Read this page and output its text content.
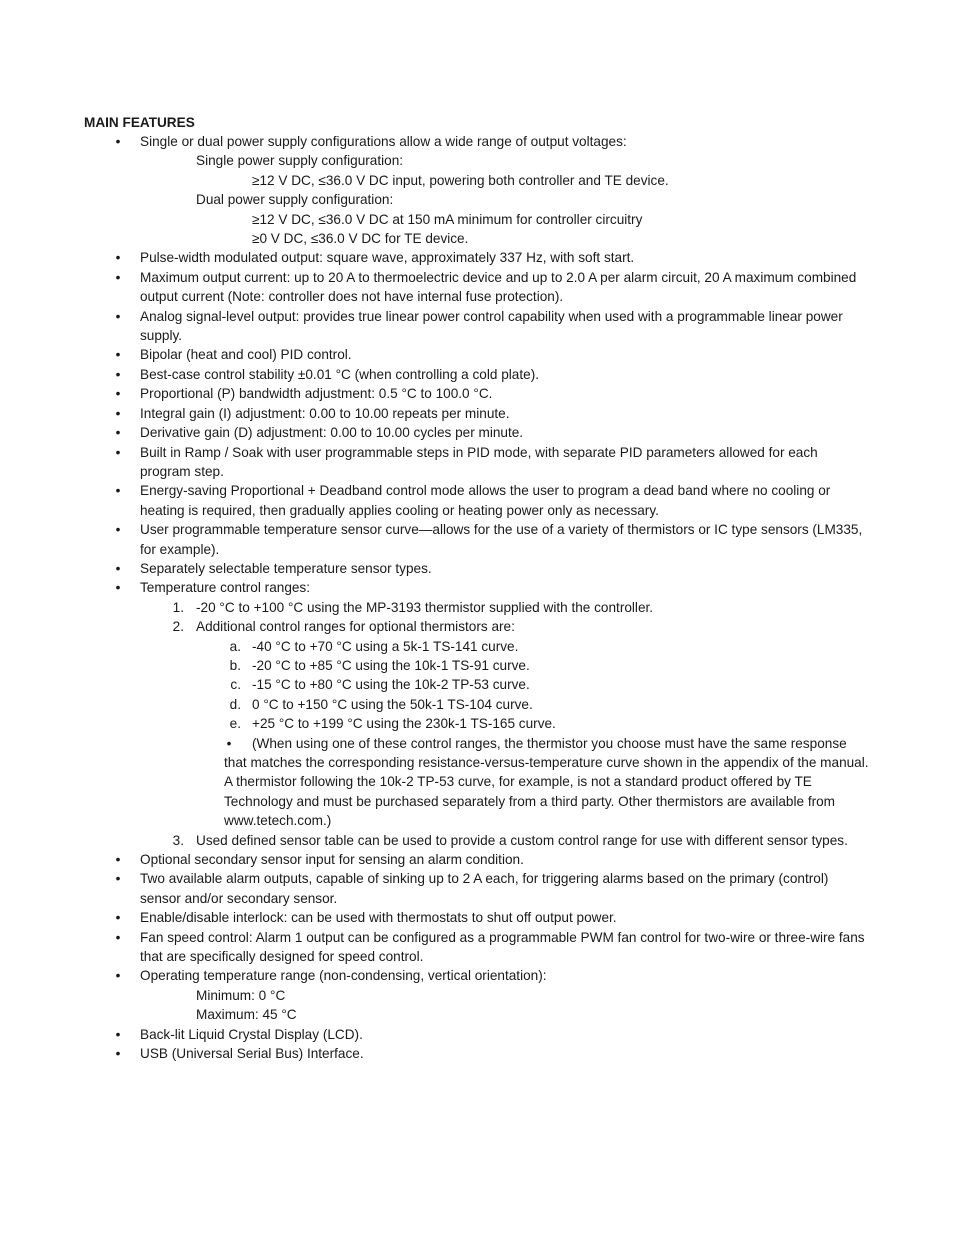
MAIN FEATURES
• Single or dual power supply configurations allow a wide range of output voltages:
Single power supply configuration:
≥12 V DC, ≤36.0 V DC input, powering both controller and TE device.
Dual power supply configuration:
≥12 V DC, ≤36.0 V DC at 150 mA minimum for controller circuitry
≥0 V DC, ≤36.0 V DC for TE device.
• Pulse-width modulated output: square wave, approximately 337 Hz, with soft start.
• Maximum output current: up to 20 A to thermoelectric device and up to 2.0 A per alarm circuit, 20 A maximum combined output current (Note: controller does not have internal fuse protection).
• Analog signal-level output: provides true linear power control capability when used with a programmable linear power supply.
• Bipolar (heat and cool) PID control.
• Best-case control stability ±0.01 °C (when controlling a cold plate).
• Proportional (P) bandwidth adjustment: 0.5 °C to 100.0 °C.
• Integral gain (I) adjustment: 0.00 to 10.00 repeats per minute.
• Derivative gain (D) adjustment: 0.00 to 10.00 cycles per minute.
• Built in Ramp / Soak with user programmable steps in PID mode, with separate PID parameters allowed for each program step.
• Energy-saving Proportional + Deadband control mode allows the user to program a dead band where no cooling or heating is required, then gradually applies cooling or heating power only as necessary.
• User programmable temperature sensor curve—allows for the use of a variety of thermistors or IC type sensors (LM335, for example).
• Separately selectable temperature sensor types.
• Temperature control ranges:
1. -20 °C to +100 °C using the MP-3193 thermistor supplied with the controller.
2. Additional control ranges for optional thermistors are:
a. -40 °C to +70 °C using a 5k-1 TS-141 curve.
b. -20 °C to +85 °C using the 10k-1 TS-91 curve.
c. -15 °C to +80 °C using the 10k-2 TP-53 curve.
d. 0 °C to +150 °C using the 50k-1 TS-104 curve.
e. +25 °C to +199 °C using the 230k-1 TS-165 curve.
•	(When using one of these control ranges, the thermistor you choose must have the same response that matches the corresponding resistance-versus-temperature curve shown in the appendix of the manual. A thermistor following the 10k-2 TP-53 curve, for example, is not a standard product offered by TE Technology and must be purchased separately from a third party. Other thermistors are available from www.tetech.com.)
3. Used defined sensor table can be used to provide a custom control range for use with different sensor types.
• Optional secondary sensor input for sensing an alarm condition.
• Two available alarm outputs, capable of sinking up to 2 A each, for triggering alarms based on the primary (control) sensor and/or secondary sensor.
• Enable/disable interlock: can be used with thermostats to shut off output power.
• Fan speed control: Alarm 1 output can be configured as a programmable PWM fan control for two-wire or three-wire fans that are specifically designed for speed control.
• Operating temperature range (non-condensing, vertical orientation):
Minimum: 0 °C
Maximum: 45 °C
• Back-lit Liquid Crystal Display (LCD).
• USB (Universal Serial Bus) Interface.
